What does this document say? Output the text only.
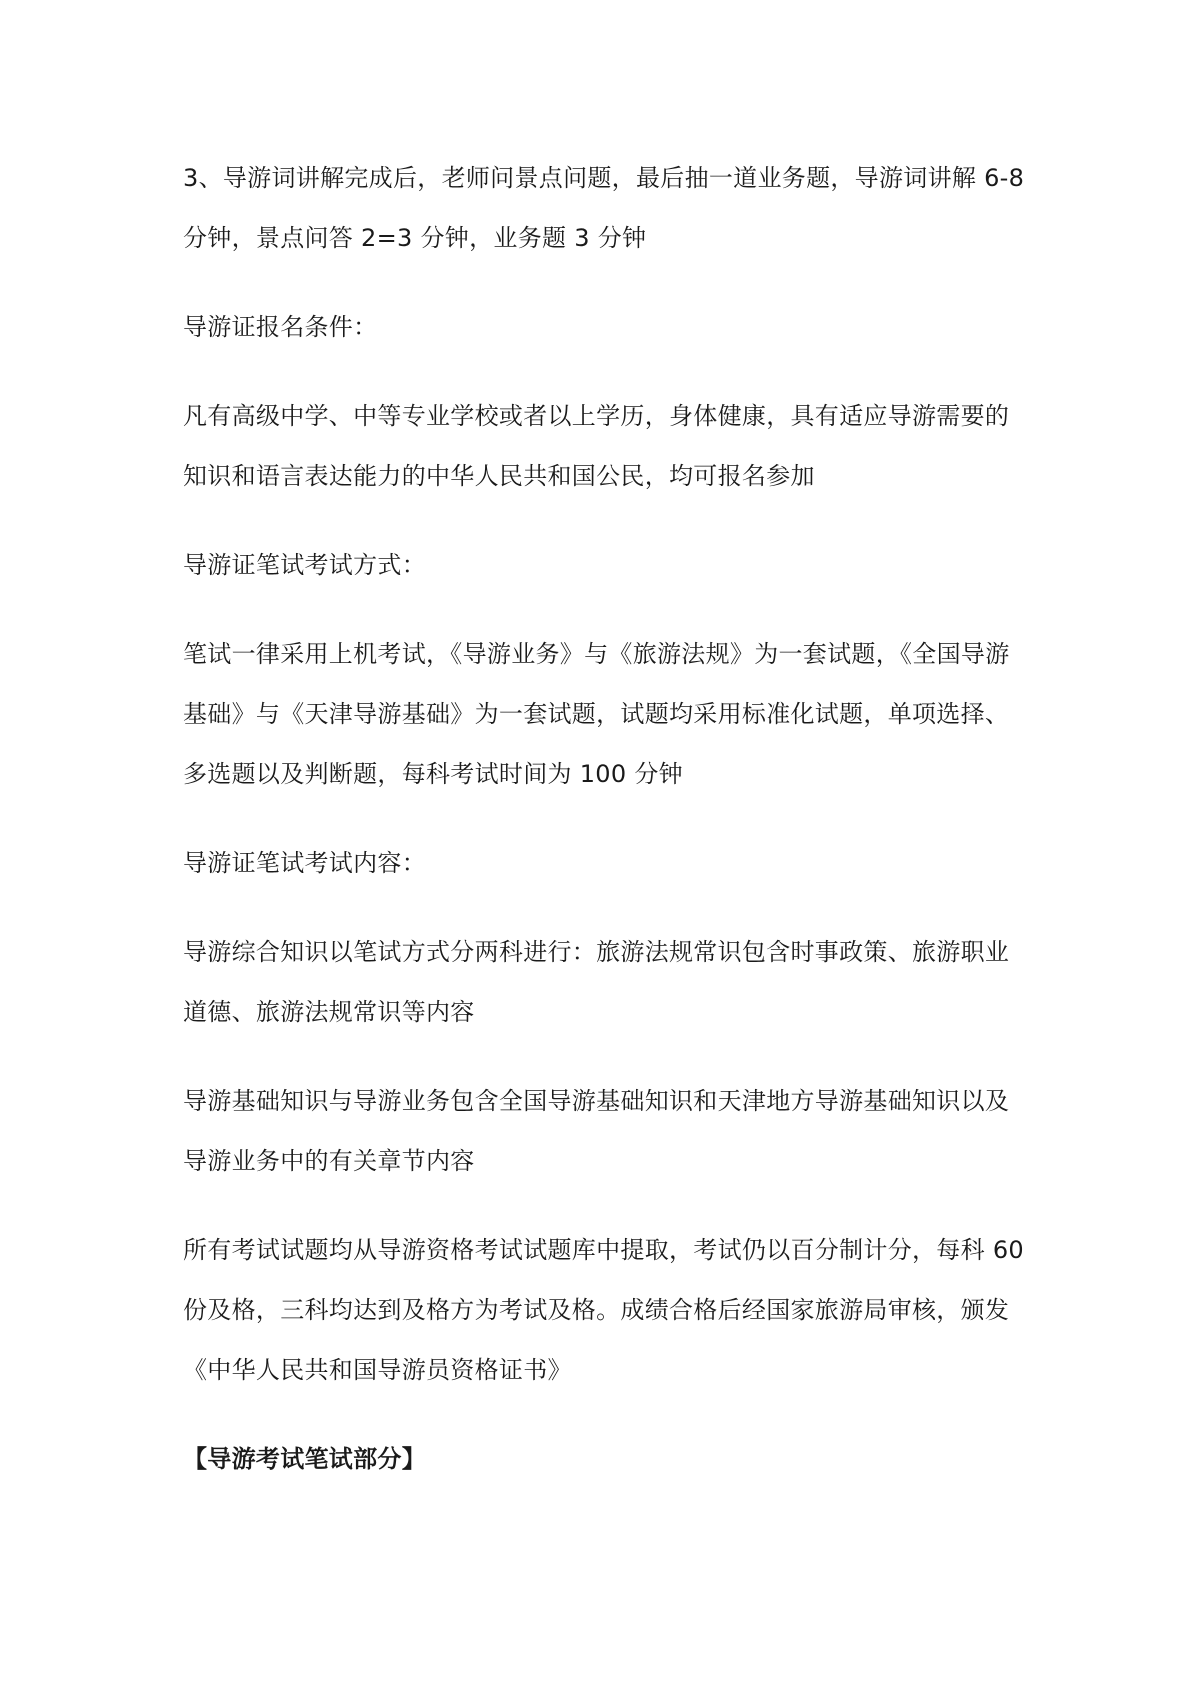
3、导游词讲解完成后，老师问景点问题，最后抽一道业务题，导游词讲解 6-8 分钟，景点问答 2=3 分钟，业务题 3 分钟

导游证报名条件：

凡有高级中学、中等专业学校或者以上学历，身体健康，具有适应导游需要的知识和语言表达能力的中华人民共和国公民，均可报名参加

导游证笔试考试方式：

笔试一律采用上机考试，《导游业务》与《旅游法规》为一套试题，《全国导游基础》与《天津导游基础》为一套试题，试题均采用标准化试题，单项选择、多选题以及判断题，每科考试时间为 100 分钟

导游证笔试考试内容：

导游综合知识以笔试方式分两科进行：旅游法规常识包含时事政策、旅游职业道德、旅游法规常识等内容

导游基础知识与导游业务包含全国导游基础知识和天津地方导游基础知识以及导游业务中的有关章节内容

所有考试试题均从导游资格考试试题库中提取，考试仍以百分制计分，每科 60 份及格，三科均达到及格方为考试及格。成绩合格后经国家旅游局审核，颁发《中华人民共和国导游员资格证书》

【导游考试笔试部分】
